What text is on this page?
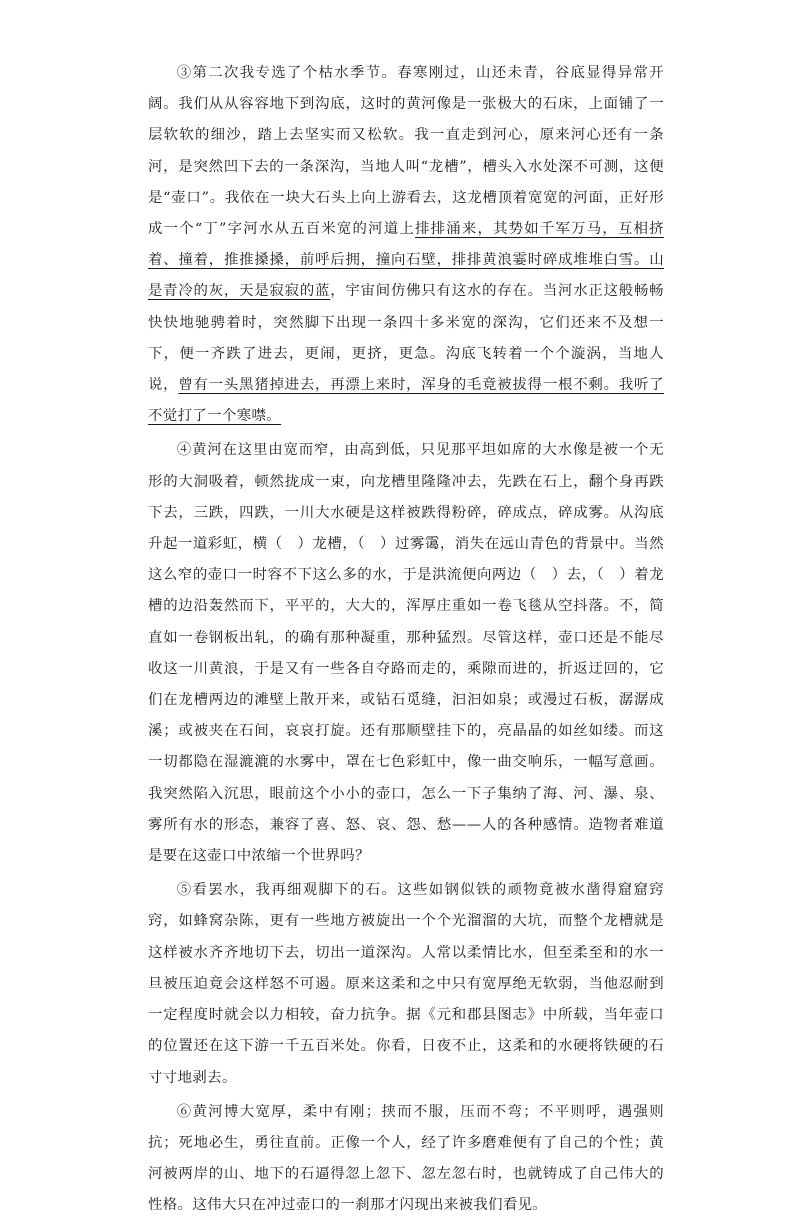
③第二次我专选了个枯水季节。春寒刚过，山还未青，谷底显得异常开阔。我们从从容容地下到沟底，这时的黄河像是一张极大的石床，上面铺了一层软软的细沙，踏上去坚实而又松软。我一直走到河心，原来河心还有一条河，是突然凹下去的一条深沟，当地人叫“龙槽”，槽头入水处深不可测，这便是“壶口”。我依在一块大石头上向上游看去，这龙槽顶着宽宽的河面，正好形成一个“丁”字河水从五百米宽的河道上排排涌来，其势如千军万马，互相挤着、撞着，推推搡搡，前呼后拥，撞向石壁，排排黄浪霎时碎成堆堆白雪。山是青冷的灰，天是寂寂的蓝，宇宙间仿佛只有这水的存在。当河水正这般畅畅快快地驰骋着时，突然脚下出现一条四十多米宽的深沟，它们还来不及想一下，便一齐跌了进去，更闹，更挤，更急。沟底飞转着一个个漩涡，当地人说，曾有一头黑猪掉进去，再漂上来时，浑身的毛竟被拔得一根不剩。我听了不觉打了一个寒噤。

④黄河在这里由宽而窄，由高到低，只见那平坦如席的大水像是被一个无形的大洞吸着，顿然拢成一束，向龙槽里隆隆冲去，先跌在石上，翻个身再跌下去，三跌，四跌，一川大水硬是这样被跌得粉碎，碎成点，碎成雾。从沟底升起一道彩虹，横（　）龙槽，（　）过雾霭，消失在远山青色的背景中。当然这么窄的壶口一时容不下这么多的水，于是洪流便向两边（　）去，（　）着龙槽的边沿轰然而下，平平的，大大的，浑厚庄重如一卷飞毯从空抖落。不，简直如一卷钢板出轧，的确有那种凝重，那种猛烈。尽管这样，壶口还是不能尽收这一川黄浪，于是又有一些各自夺路而走的，乘隙而进的，折返迂回的，它们在龙槽两边的滩壁上散开来，或钻石觅缝，汩汩如泉；或漫过石板，潺潺成溪；或被夹在石间，哀哀打旋。还有那顺壁挂下的，亮晶晶的如丝如缕。而这一切都隐在湿漉漉的水雾中，罩在七色彩虹中，像一曲交响乐，一幅写意画。我突然陷入沉思，眼前这个小小的壶口，怎么一下子集纳了海、河、瀑、泉、雾所有水的形态，兼容了喜、怒、哀、怨、愁——人的各种感情。造物者难道是要在这壶口中浓缩一个世界吗？

⑤看罢水，我再细观脚下的石。这些如钢似铁的顽物竟被水凿得窟窟窍窍，如蜂窝杂陈，更有一些地方被旋出一个个光溜溜的大坑，而整个龙槽就是这样被水齐齐地切下去，切出一道深沟。人常以柔情比水，但至柔至和的水一旦被压迫竟会这样怒不可遏。原来这柔和之中只有宽厚绝无软弱，当他忍耐到一定程度时就会以力相较，奋力抗争。据《元和郡县图志》中所载，当年壶口的位置还在这下游一千五百米处。你看，日夜不止，这柔和的水硬将铁硬的石寸寸地剥去。

⑥黄河博大宽厚，柔中有刚；挟而不服，压而不弯；不平则呼，遇强则抗；死地必生，勇往直前。正像一个人，经了许多磨难便有了自己的个性；黄河被两岸的山、地下的石逼得忽上忽下、忽左忽右时，也就铸成了自己伟大的性格。这伟大只在冲过壶口的一刹那才闪现出来被我们看见。
